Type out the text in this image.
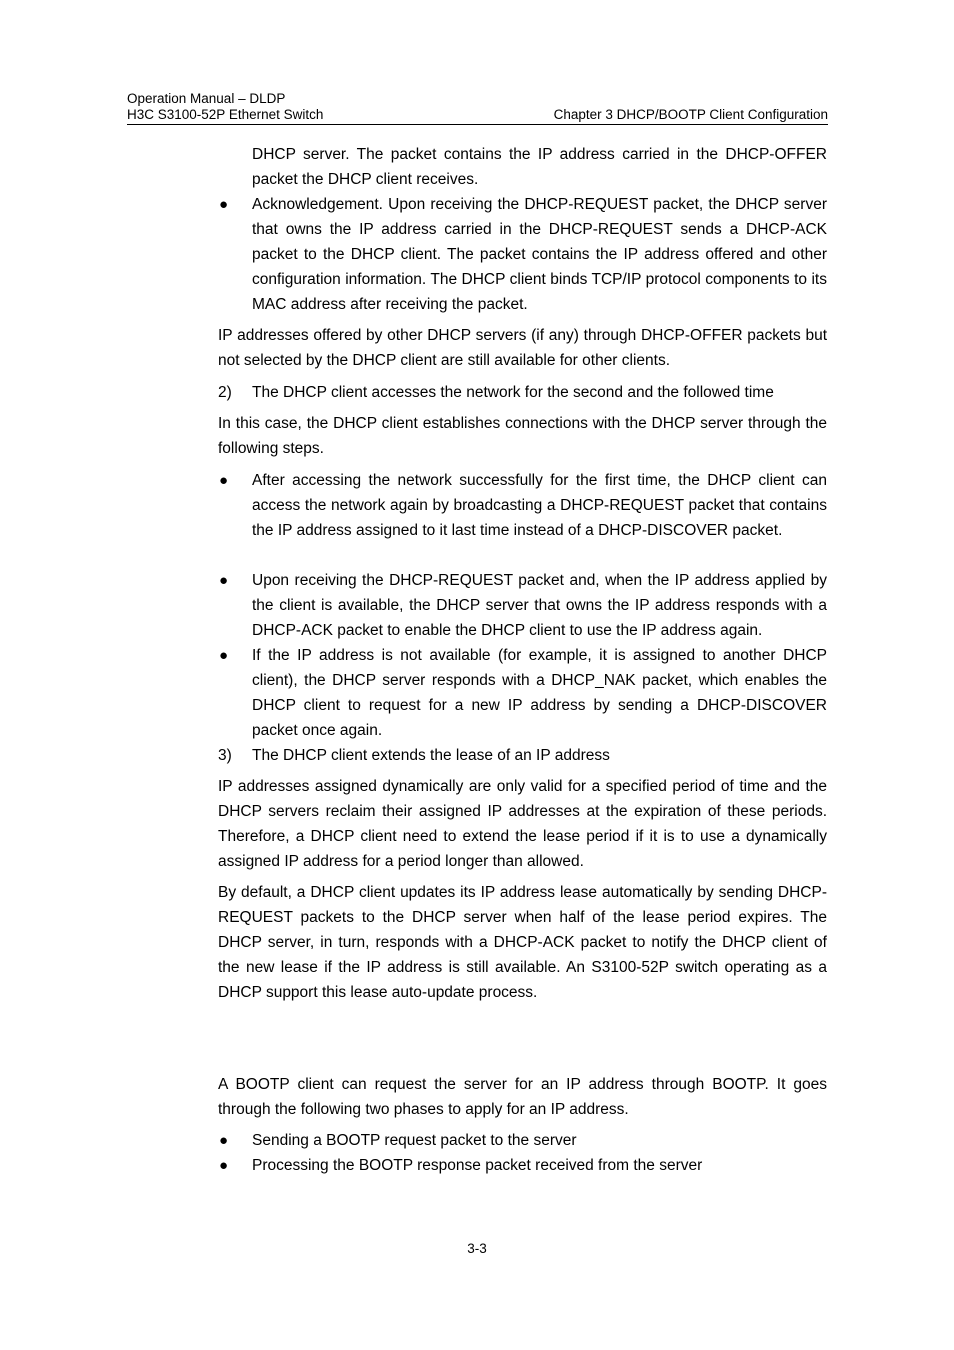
Operation Manual – DLDP
H3C S3100-52P Ethernet Switch	Chapter 3 DHCP/BOOTP Client Configuration
DHCP server. The packet contains the IP address carried in the DHCP-OFFER packet the DHCP client receives.
● Acknowledgement. Upon receiving the DHCP-REQUEST packet, the DHCP server that owns the IP address carried in the DHCP-REQUEST sends a DHCP-ACK packet to the DHCP client. The packet contains the IP address offered and other configuration information. The DHCP client binds TCP/IP protocol components to its MAC address after receiving the packet.
IP addresses offered by other DHCP servers (if any) through DHCP-OFFER packets but not selected by the DHCP client are still available for other clients.
2) The DHCP client accesses the network for the second and the followed time
In this case, the DHCP client establishes connections with the DHCP server through the following steps.
● After accessing the network successfully for the first time, the DHCP client can access the network again by broadcasting a DHCP-REQUEST packet that contains the IP address assigned to it last time instead of a DHCP-DISCOVER packet.
● Upon receiving the DHCP-REQUEST packet and, when the IP address applied by the client is available, the DHCP server that owns the IP address responds with a DHCP-ACK packet to enable the DHCP client to use the IP address again.
● If the IP address is not available (for example, it is assigned to another DHCP client), the DHCP server responds with a DHCP_NAK packet, which enables the DHCP client to request for a new IP address by sending a DHCP-DISCOVER packet once again.
3) The DHCP client extends the lease of an IP address
IP addresses assigned dynamically are only valid for a specified period of time and the DHCP servers reclaim their assigned IP addresses at the expiration of these periods. Therefore, a DHCP client need to extend the lease period if it is to use a dynamically assigned IP address for a period longer than allowed.
By default, a DHCP client updates its IP address lease automatically by sending DHCP-REQUEST packets to the DHCP server when half of the lease period expires. The DHCP server, in turn, responds with a DHCP-ACK packet to notify the DHCP client of the new lease if the IP address is still available. An S3100-52P switch operating as a DHCP support this lease auto-update process.
A BOOTP client can request the server for an IP address through BOOTP. It goes through the following two phases to apply for an IP address.
● Sending a BOOTP request packet to the server
● Processing the BOOTP response packet received from the server
3-3
